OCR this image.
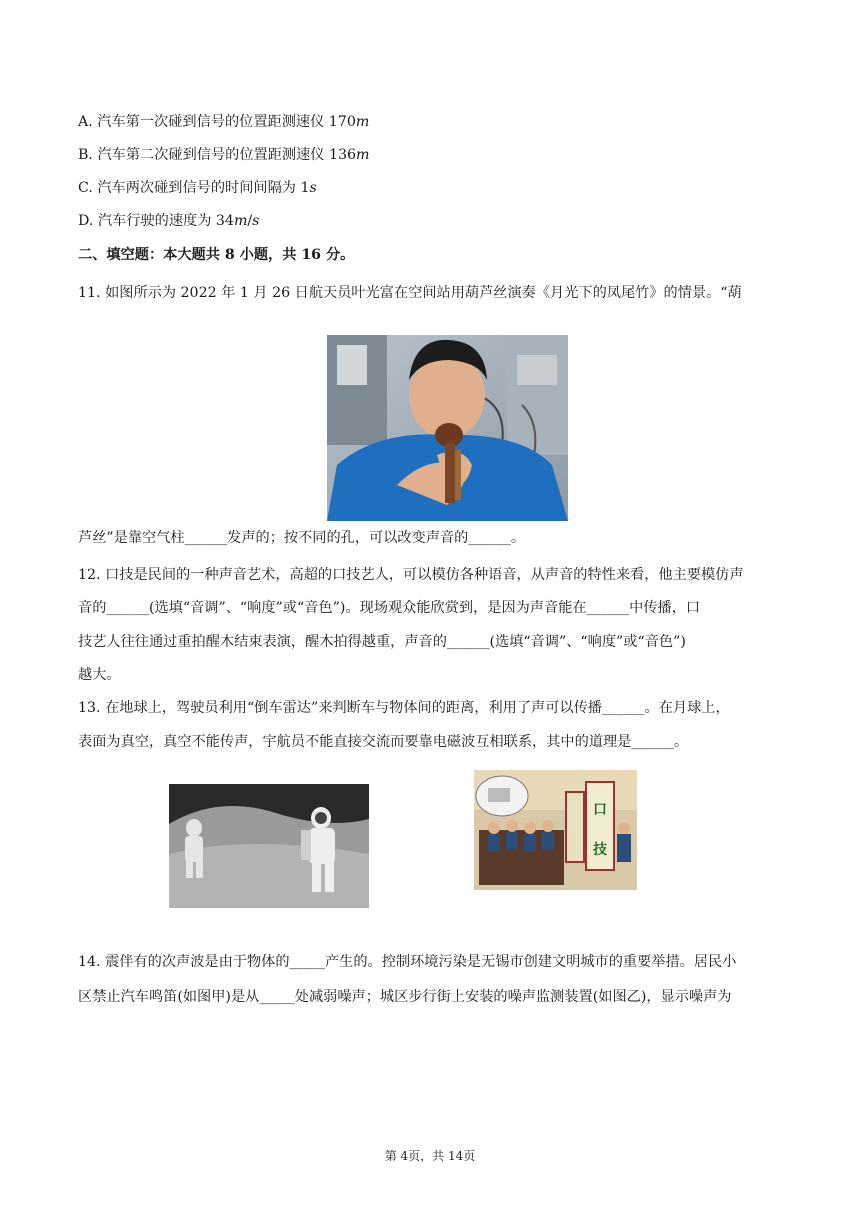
A. 汽车第一次碰到信号的位置距测速仪 170𝑚
B. 汽车第二次碰到信号的位置距测速仪 136𝑚
C. 汽车两次碰到信号的时间间隔为 1𝑠
D. 汽车行驶的速度为 34𝑚/𝑠
二、填空题：本大题共 8 小题，共 16 分。
11. 如图所示为 2022 年 1 月 26 日航天员叶光富在空间站用葫芦丝演奏《月光下的凤尾竹》的情景。“葫
芦丝”是靠空气柱______发声的；按不同的孔，可以改变声音的______。
12. 口技是民间的一种声音艺术，高超的口技艺人，可以模仿各种语音，从声音的特性来看，他主要模仿声
音的______(选填“音调”、“响度”或“音色”)。现场观众能欣赏到，是因为声音能在______中传播，口
技艺人往往通过重拍醒木结束表演，醒木拍得越重，声音的______(选填“音调”、“响度”或“音色”)
越大。
13. 在地球上，驾驶员利用“倒车雷达”来判断车与物体间的距离，利用了声可以传播______。在月球上，
表面为真空，真空不能传声，宇航员不能直接交流而要靠电磁波互相联系，其中的道理是______。
口
技
14. 震伴有的次声波是由于物体的_____产生的。控制环境污染是无锡市创建文明城市的重要举措。居民小
区禁止汽车鸣笛(如图甲)是从_____处减弱噪声；城区步行街上安装的噪声监测装置(如图乙)，显示噪声为
第 4页，共 14页
